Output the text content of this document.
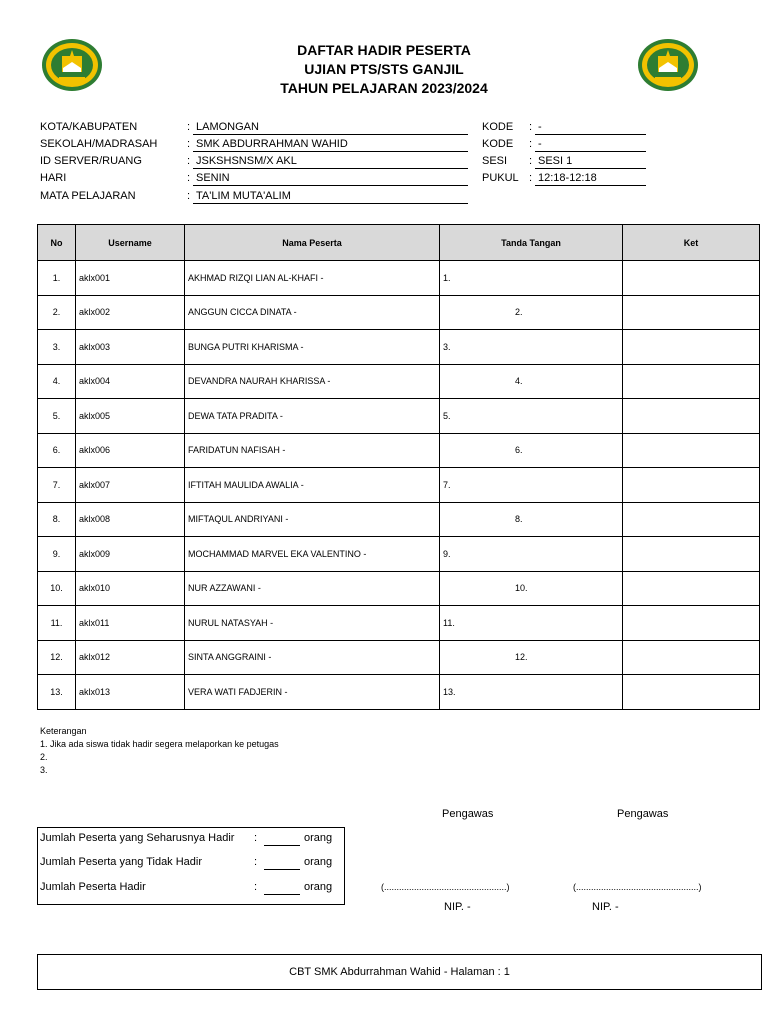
DAFTAR HADIR PESERTA
UJIAN PTS/STS GANJIL
TAHUN PELAJARAN 2023/2024
KOTA/KABUPATEN	: LAMONGAN
SEKOLAH/MADRASAH	: SMK ABDURRAHMAN WAHID
ID SERVER/RUANG	: JSKSHSNSM/X AKL
HARI	: SENIN
MATA PELAJARAN	: TA'LIM MUTA'ALIM
KODE : -
KODE : -
SESI : SESI 1
PUKUL : 12:18-12:18
No	Username	Nama Peserta	Tanda Tangan	Ket
1.	aklx001	AKHMAD RIZQI LIAN AL-KHAFI -	1.	
2.	aklx002	ANGGUN CICCA DINATA -	2.	
3.	aklx003	BUNGA PUTRI KHARISMA -	3.	
4.	aklx004	DEVANDRA NAURAH KHARISSA -	4.	
5.	aklx005	DEWA TATA PRADITA -	5.	
6.	aklx006	FARIDATUN NAFISAH -	6.	
7.	aklx007	IFTITAH MAULIDA AWALIA -	7.	
8.	aklx008	MIFTAQUL ANDRIYANI -	8.	
9.	aklx009	MOCHAMMAD MARVEL EKA VALENTINO -	9.	
10.	aklx010	NUR AZZAWANI -	10.	
11.	aklx011	NURUL NATASYAH -	11.	
12.	aklx012	SINTA ANGGRAINI -	12.	
13.	aklx013	VERA WATI FADJERIN -	13.	
Keterangan
1. Jika ada siswa tidak hadir segera melaporkan ke petugas
2.
3.
Pengawas	Pengawas
Jumlah Peserta yang Seharusnya Hadir :	orang
Jumlah Peserta yang Tidak Hadir	:	orang
Jumlah Peserta Hadir	:	orang	(.................................................)	(.................................................)
NIP. -	NIP. -
CBT SMK Abdurrahman Wahid - Halaman : 1
